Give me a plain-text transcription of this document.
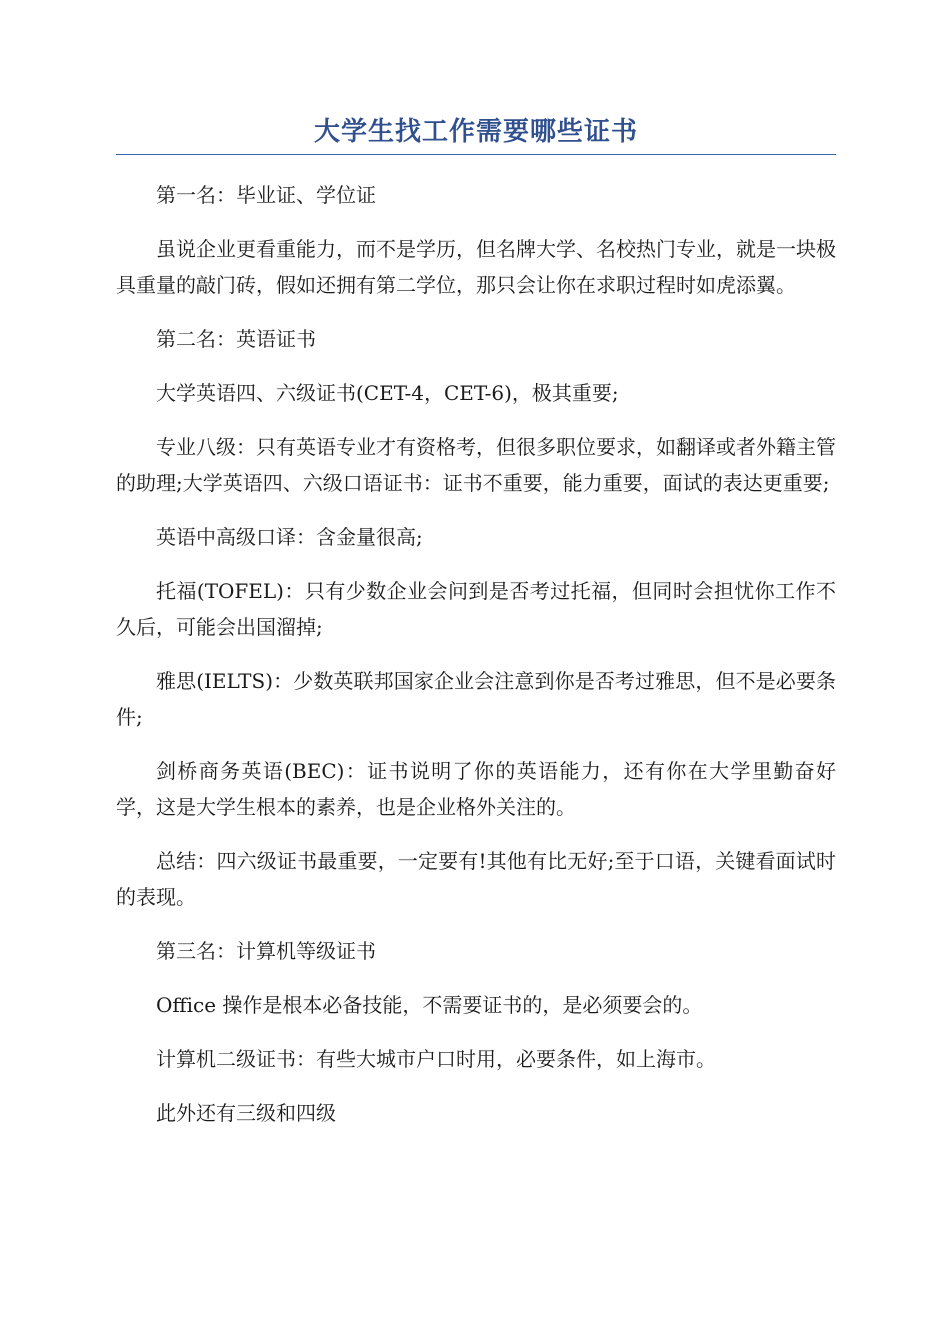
大学生找工作需要哪些证书

第一名：毕业证、学位证

虽说企业更看重能力，而不是学历，但名牌大学、名校热门专业，就是一块极具重量的敲门砖，假如还拥有第二学位，那只会让你在求职过程时如虎添翼。

第二名：英语证书

大学英语四、六级证书(CET-4，CET-6)，极其重要;

专业八级：只有英语专业才有资格考，但很多职位要求，如翻译或者外籍主管的助理;大学英语四、六级口语证书：证书不重要，能力重要，面试的表达更重要;

英语中高级口译：含金量很高;

托福(TOFEL)：只有少数企业会问到是否考过托福，但同时会担忧你工作不久后，可能会出国溜掉;

雅思(IELTS)：少数英联邦国家企业会注意到你是否考过雅思，但不是必要条件;

剑桥商务英语(BEC)：证书说明了你的英语能力，还有你在大学里勤奋好学，这是大学生根本的素养，也是企业格外关注的。

总结：四六级证书最重要，一定要有!其他有比无好;至于口语，关键看面试时的表现。

第三名：计算机等级证书

Office 操作是根本必备技能，不需要证书的，是必须要会的。

计算机二级证书：有些大城市户口时用，必要条件，如上海市。

此外还有三级和四级
